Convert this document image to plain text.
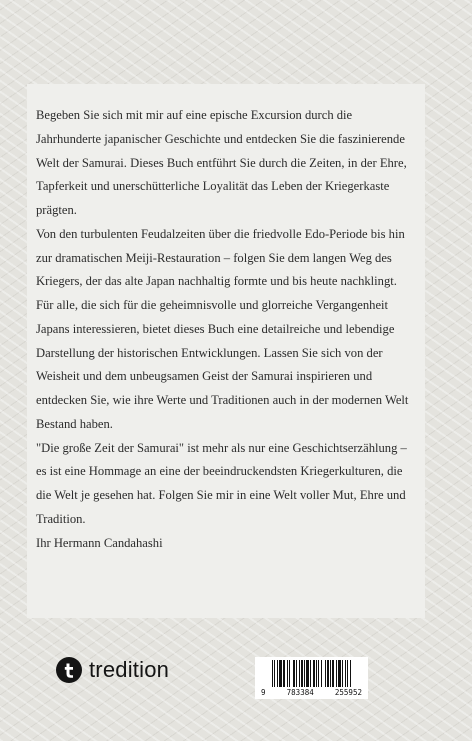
Begeben Sie sich mit mir auf eine epische Excursion durch die Jahrhunderte japanischer Geschichte und entdecken Sie die faszinierende Welt der Samurai. Dieses Buch entführt Sie durch die Zeiten, in der Ehre, Tapferkeit und unerschütterliche Loyalität das Leben der Kriegerkaste prägten.

Von den turbulenten Feudalzeiten über die friedvolle Edo-Periode bis hin zur dramatischen Meiji-Restauration – folgen Sie dem langen Weg des Kriegers, der das alte Japan nachhaltig formte und bis heute nachklingt.

Für alle, die sich für die geheimnisvolle und glorreiche Vergangenheit Japans interessieren, bietet dieses Buch eine detailreiche und lebendige Darstellung der historischen Entwicklungen. Lassen Sie sich von der Weisheit und dem unbeugsamen Geist der Samurai inspirieren und entdecken Sie, wie ihre Werte und Traditionen auch in der modernen Welt Bestand haben.

"Die große Zeit der Samurai" ist mehr als nur eine Geschichtserzählung – es ist eine Hommage an eine der beeindruckendsten Kriegerkulturen, die die Welt je gesehen hat. Folgen Sie mir in eine Welt voller Mut, Ehre und Tradition.

Ihr Hermann Candahashi

tredition
9	783384	255952
